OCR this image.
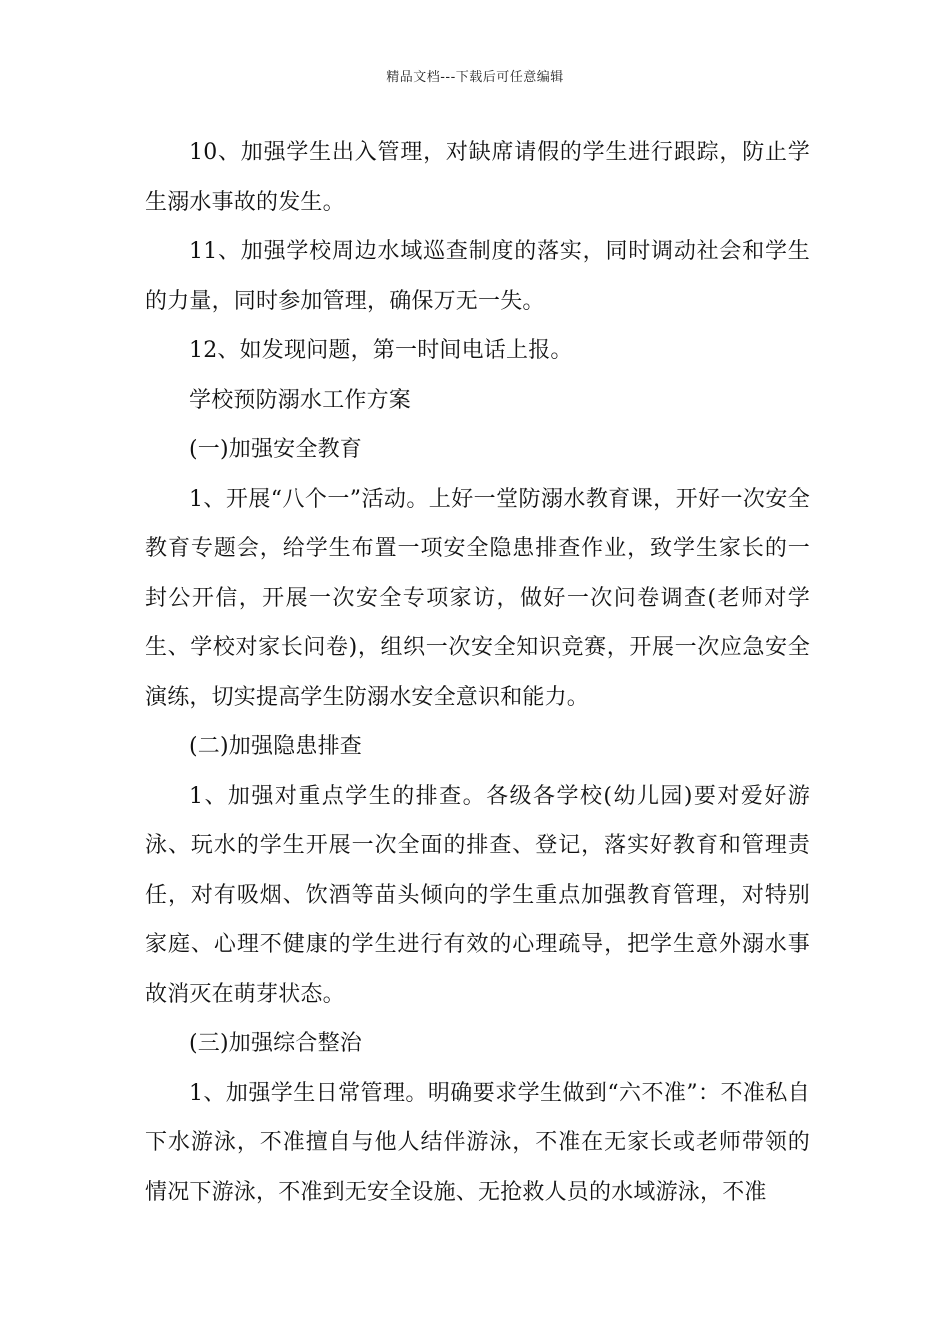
精品文档---下载后可任意编辑

10、加强学生出入管理，对缺席请假的学生进行跟踪，防止学生溺水事故的发生。

11、加强学校周边水域巡查制度的落实，同时调动社会和学生的力量，同时参加管理，确保万无一失。

12、如发现问题，第一时间电话上报。

学校预防溺水工作方案

(一)加强安全教育

1、开展“八个一”活动。上好一堂防溺水教育课，开好一次安全教育专题会，给学生布置一项安全隐患排查作业，致学生家长的一封公开信，开展一次安全专项家访，做好一次问卷调查(老师对学生、学校对家长问卷)，组织一次安全知识竞赛，开展一次应急安全演练，切实提高学生防溺水安全意识和能力。

(二)加强隐患排查

1、加强对重点学生的排查。各级各学校(幼儿园)要对爱好游泳、玩水的学生开展一次全面的排查、登记，落实好教育和管理责任，对有吸烟、饮酒等苗头倾向的学生重点加强教育管理，对特别家庭、心理不健康的学生进行有效的心理疏导，把学生意外溺水事故消灭在萌芽状态。

(三)加强综合整治

1、加强学生日常管理。明确要求学生做到“六不准”：不准私自下水游泳，不准擅自与他人结伴游泳，不准在无家长或老师带领的情况下游泳，不准到无安全设施、无抢救人员的水域游泳，不准
